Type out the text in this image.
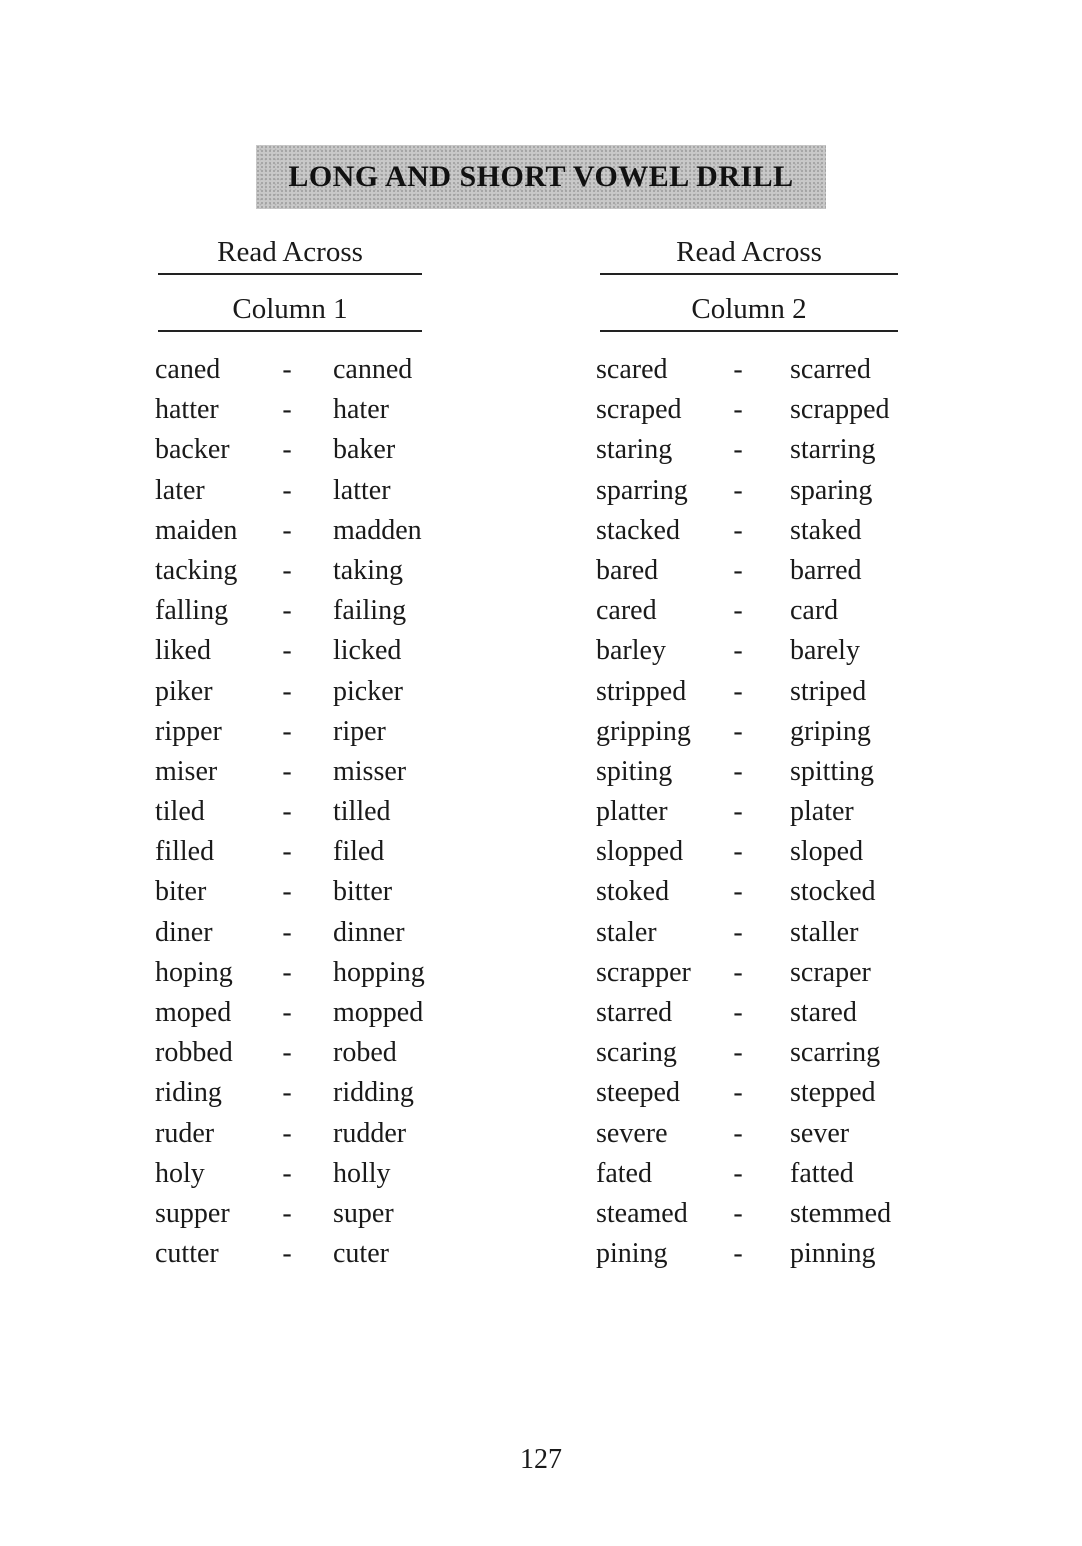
LONG AND SHORT VOWEL DRILL
Read Across
Column 1
Read Across
Column 2
caned - canned
hatter - hater
backer - baker
later	- latter
maiden - madden
tacking - taking
falling - failing
liked	- licked
piker - picker
ripper - riper
miser - misser
tiled	- tilled
filled - filed
biter	- bitter
diner - dinner
hoping - hopping
moped - mopped
robbed - robed
riding - ridding
ruder - rudder
holy	- holly
supper - super
cutter - cuter
scared - scarred
scraped - scrapped
staring - starring
sparring - sparing
stacked - staked
bared	- barred
cared	- card
barley - barely
stripped - striped
gripping - griping
spiting - spitting
platter - plater
slopped - sloped
stoked - stocked
staler	- staller
scrapper - scraper
starred - stared
scaring - scarring
steeped - stepped
severe - sever
fated	- fatted
steamed - stemmed
pining - pinning
127
